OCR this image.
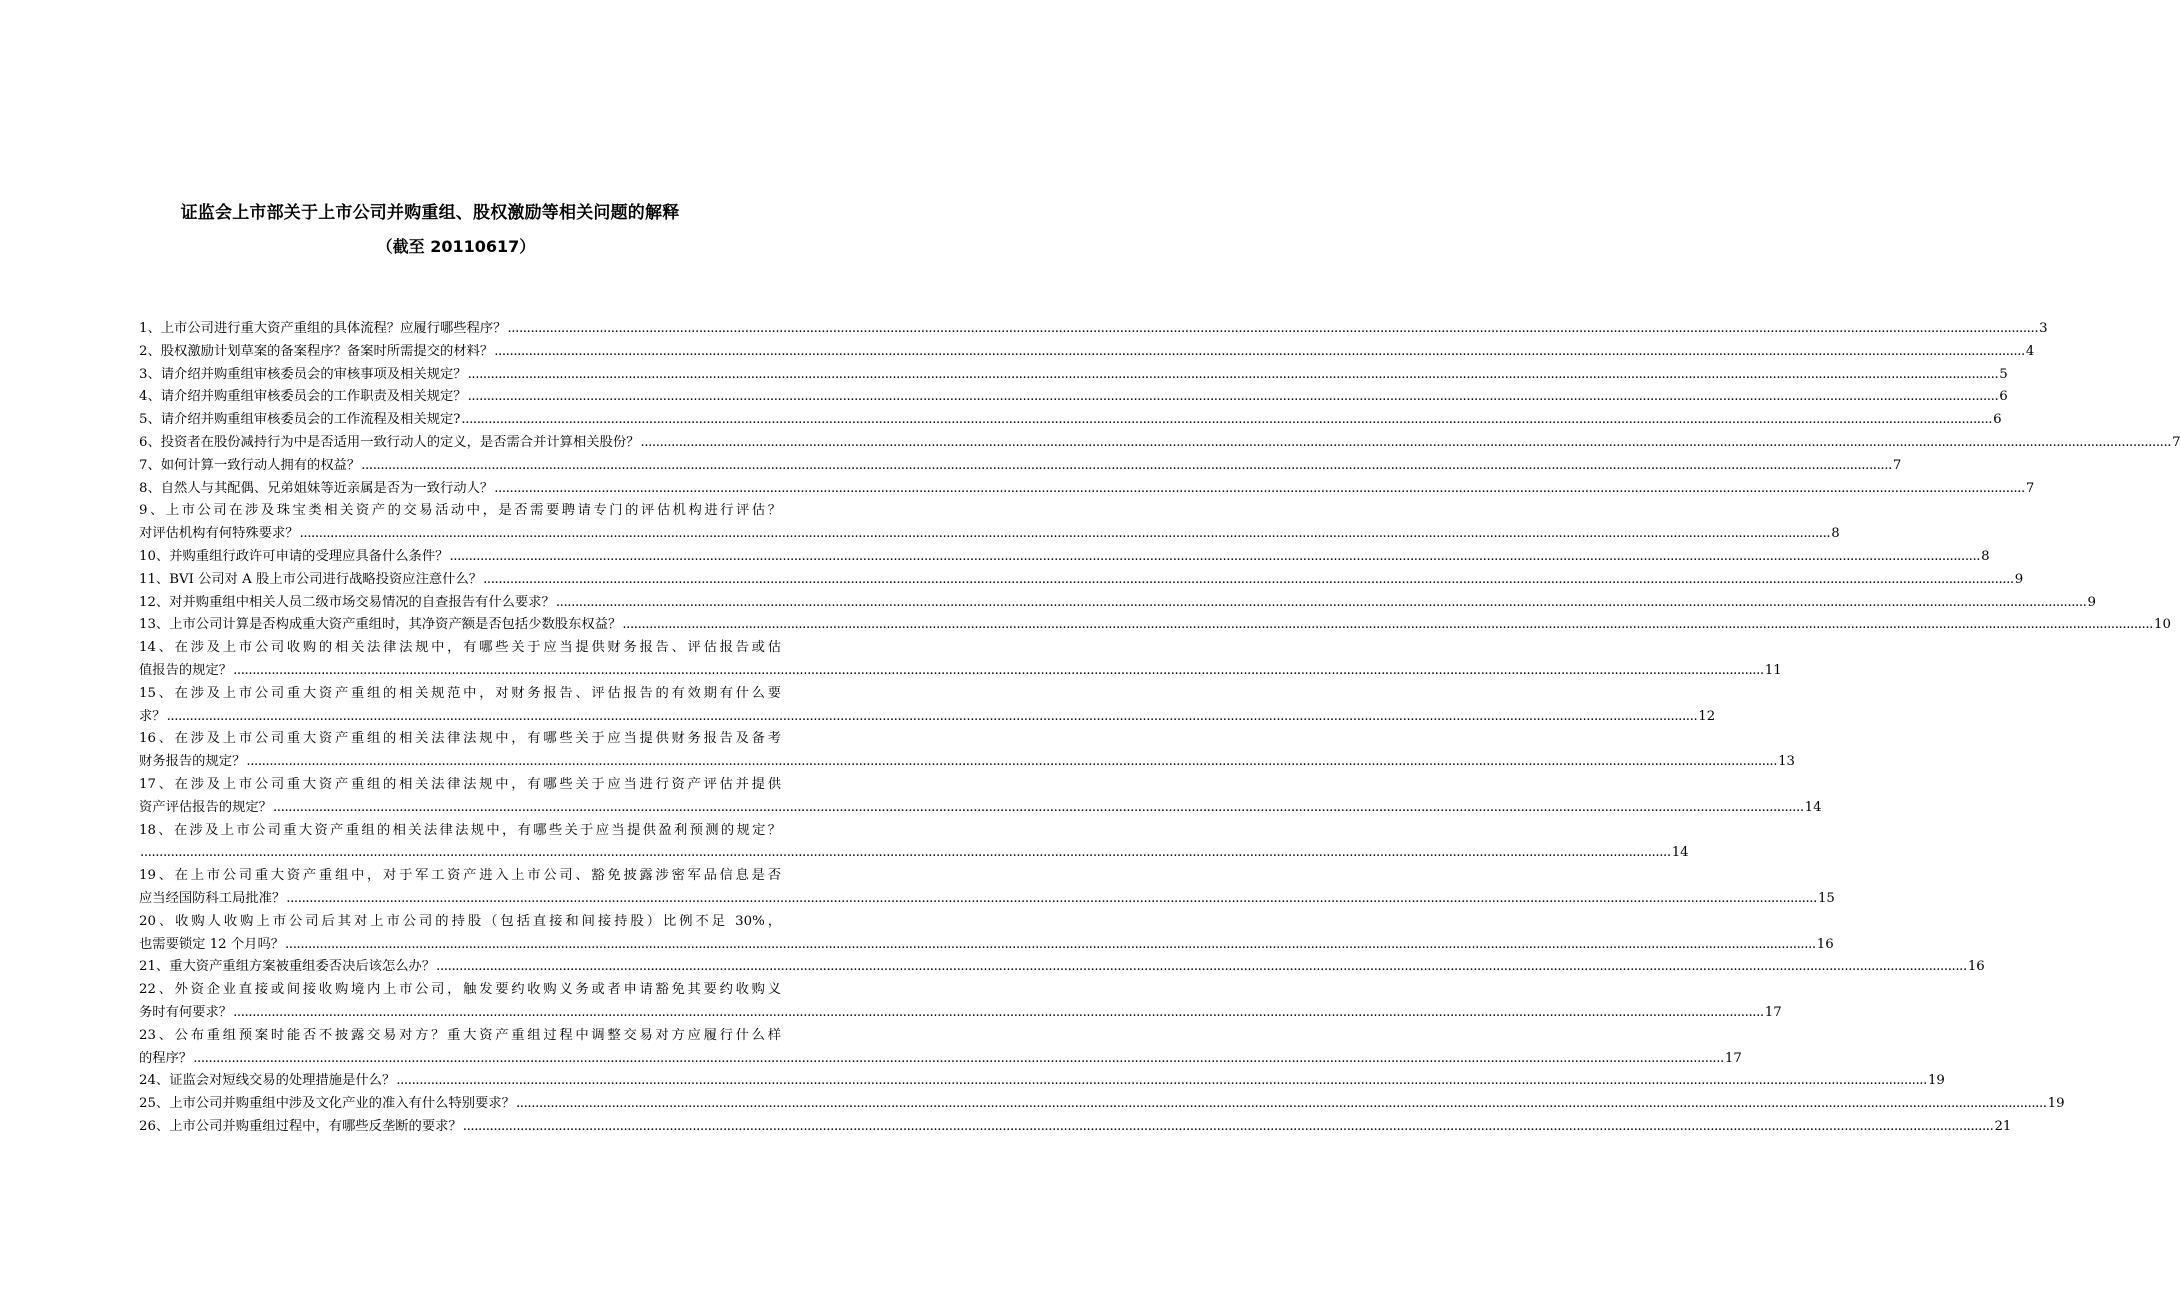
证监会上市部关于上市公司并购重组、股权激励等相关问题的解释
（截至 20110617）
1、上市公司进行重大资产重组的具体流程？应履行哪些程序？ ................................................................................................................................................................................................................................................................................................................................................................................................................ 3
2、股权激励计划草案的备案程序？备案时所需提交的材料？ ................................................................................................................................................................................................................................................................................................................................................................................................................ 4
3、请介绍并购重组审核委员会的审核事项及相关规定？ ................................................................................................................................................................................................................................................................................................................................................................................................................ 5
4、请介绍并购重组审核委员会的工作职责及相关规定？ ................................................................................................................................................................................................................................................................................................................................................................................................................ 6
5、请介绍并购重组审核委员会的工作流程及相关规定? ................................................................................................................................................................................................................................................................................................................................................................................................................ 6
6、投资者在股份减持行为中是否适用一致行动人的定义，是否需合并计算相关股份？ ................................................................................................................................................................................................................................................................................................................................................................................................................ 7
7、如何计算一致行动人拥有的权益？ ................................................................................................................................................................................................................................................................................................................................................................................................................ 7
8、自然人与其配偶、兄弟姐妹等近亲属是否为一致行动人？ ................................................................................................................................................................................................................................................................................................................................................................................................................ 7
9、上市公司在涉及珠宝类相关资产的交易活动中，是否需要聘请专门的评估机构进行评估？
对评估机构有何特殊要求？ ................................................................................................................................................................................................................................................................................................................................................................................................................ 8
10、并购重组行政许可申请的受理应具备什么条件？ ................................................................................................................................................................................................................................................................................................................................................................................................................ 8
11、BVI 公司对 A 股上市公司进行战略投资应注意什么？ ................................................................................................................................................................................................................................................................................................................................................................................................................ 9
12、对并购重组中相关人员二级市场交易情况的自查报告有什么要求？ ................................................................................................................................................................................................................................................................................................................................................................................................................ 9
13、上市公司计算是否构成重大资产重组时，其净资产额是否包括少数股东权益？ ................................................................................................................................................................................................................................................................................................................................................................................................................ 10
14、在涉及上市公司收购的相关法律法规中，有哪些关于应当提供财务报告、评估报告或估
值报告的规定？ ................................................................................................................................................................................................................................................................................................................................................................................................................ 11
15、在涉及上市公司重大资产重组的相关规范中，对财务报告、评估报告的有效期有什么要
求？ ................................................................................................................................................................................................................................................................................................................................................................................................................ 12
16、在涉及上市公司重大资产重组的相关法律法规中，有哪些关于应当提供财务报告及备考
财务报告的规定？ ................................................................................................................................................................................................................................................................................................................................................................................................................ 13
17、在涉及上市公司重大资产重组的相关法律法规中，有哪些关于应当进行资产评估并提供
资产评估报告的规定？ ................................................................................................................................................................................................................................................................................................................................................................................................................ 14
18、在涉及上市公司重大资产重组的相关法律法规中，有哪些关于应当提供盈利预测的规定？
................................................................................................................................................................................................................................................................................................................................................................................................................ 14
19、在上市公司重大资产重组中，对于军工资产进入上市公司、豁免披露涉密军品信息是否
应当经国防科工局批准？ ................................................................................................................................................................................................................................................................................................................................................................................................................ 15
20、收购人收购上市公司后其对上市公司的持股（包括直接和间接持股）比例不足 30%，
也需要锁定 12 个月吗？ ................................................................................................................................................................................................................................................................................................................................................................................................................ 16
21、重大资产重组方案被重组委否决后该怎么办？ ................................................................................................................................................................................................................................................................................................................................................................................................................ 16
22、外资企业直接或间接收购境内上市公司，触发要约收购义务或者申请豁免其要约收购义
务时有何要求？ ................................................................................................................................................................................................................................................................................................................................................................................................................ 17
23、公布重组预案时能否不披露交易对方？重大资产重组过程中调整交易对方应履行什么样
的程序？ ................................................................................................................................................................................................................................................................................................................................................................................................................ 17
24、证监会对短线交易的处理措施是什么？ ................................................................................................................................................................................................................................................................................................................................................................................................................ 19
25、上市公司并购重组中涉及文化产业的准入有什么特别要求？ ................................................................................................................................................................................................................................................................................................................................................................................................................ 19
26、上市公司并购重组过程中，有哪些反垄断的要求？ ................................................................................................................................................................................................................................................................................................................................................................................................................ 21
